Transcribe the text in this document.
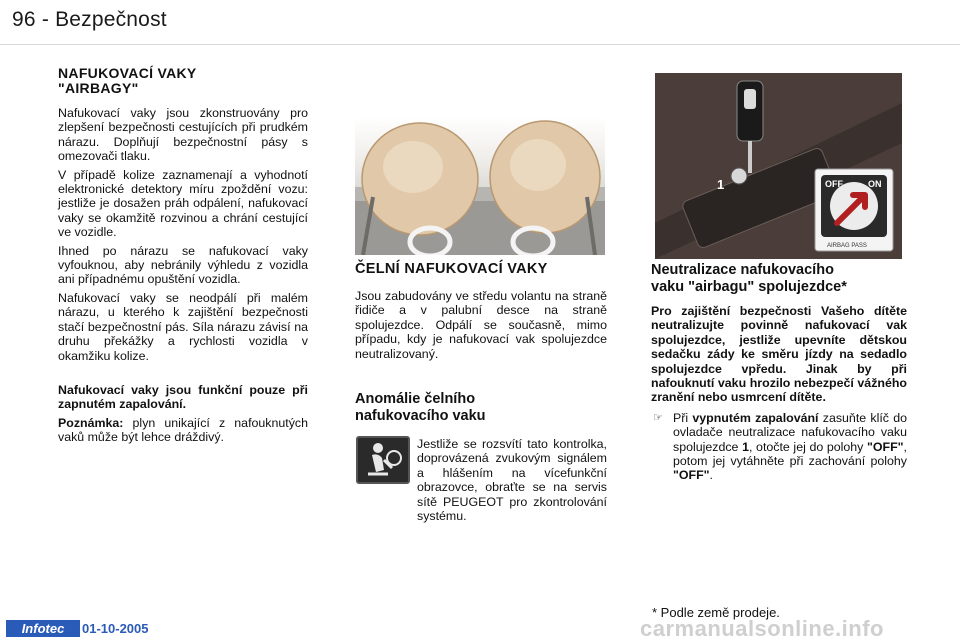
96 - Bezpečnost
NAFUKOVACÍ VAKY
"AIRBAGY"

Nafukovací vaky jsou zkonstruovány pro zlepšení bezpečnosti cestujících při prudkém nárazu. Doplňují bezpečnostní pásy s omezovači tlaku.

V případě kolize zaznamenají a vyhodnotí elektronické detektory míru zpoždění vozu: jestliže je dosažen práh odpálení, nafukovací vaky se okamžitě rozvinou a chrání cestující ve vozidle.

Ihned po nárazu se nafukovací vaky vyfouknou, aby nebránily výhledu z vozidla ani případnému opuštění vozidla.

Nafukovací vaky se neodpálí při malém nárazu, u kterého k zajištění bezpečnosti stačí bezpečnostní pás. Síla nárazu závisí na druhu překážky a rychlosti vozidla v okamžiku kolize.

Nafukovací vaky jsou funkční pouze při zapnutém zapalování.

Poznámka: plyn unikající z nafouknutých vaků může být lehce dráždivý.

ČELNÍ NAFUKOVACÍ VAKY

Jsou zabudovány ve středu volantu na straně řidiče a v palubní desce na straně spolujezdce. Odpálí se současně, mimo případu, kdy je nafukovací vak spolujezdce neutralizovaný.

Anomálie čelního
nafukovacího vaku

Jestliže se rozsvítí tato kontrolka, doprovázená zvukovým signálem a hlášením na vícefunkční obrazovce, obraťte se na servis sítě PEUGEOT pro zkontrolování systému.

1	OFF	ON
AIRBAG PASS
Neutralizace nafukovacího
vaku "airbagu" spolujezdce*

Pro zajištění bezpečnosti Vašeho dítěte neutralizujte povinně nafukovací vak spolujezdce, jestliže upevníte dětskou sedačku zády ke směru jízdy na sedadlo spolujezdce vpředu. Jinak by při nafouknutí vaku hrozilo nebezpečí vážného zranění nebo usmrcení dítěte.

☞ Při vypnutém zapalování zasuňte klíč do ovladače neutralizace nafukovacího vaku spolujezdce 1, otočte jej do polohy "OFF", potom jej vytáhněte při zachování polohy "OFF".
* Podle země prodeje.
carmanualsonline.info
Infotec	01-10-2005
